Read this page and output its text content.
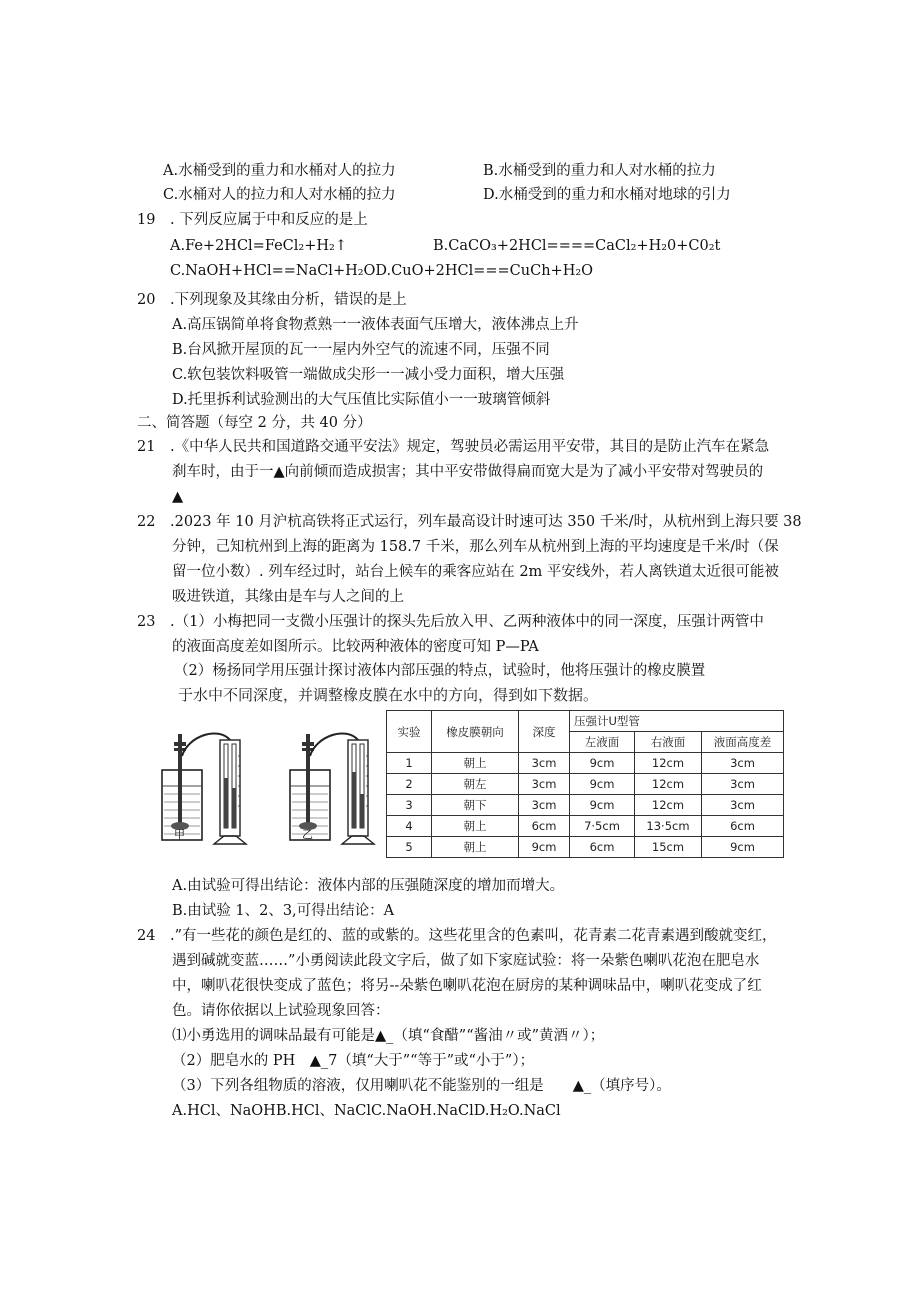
A.水桶受到的重力和水桶对人的拉力	B.水桶受到的重力和人对水桶的拉力
C.水桶对人的拉力和人对水桶的拉力	D.水桶受到的重力和水桶对地球的引力
19 . 下列反应属于中和反应的是上
A.Fe+2HCl=FeCl₂+H₂↑	B.CaCO₃+2HCl====CaCl₂+H₂0+C0₂t
C.NaOH+HCl==NaCl+H₂OD.CuO+2HCl===CuCh+H₂O
20 .下列现象及其缘由分析，错误的是上
A.高压锅简单将食物煮熟一一液体表面气压增大，液体沸点上升
B.台风掀开屋顶的瓦一一屋内外空气的流速不同，压强不同
C.软包装饮料吸管一端做成尖形一一减小受力面积，增大压强
D.托里拆利试验测出的大气压值比实际值小一一玻璃管倾斜
二、简答题（每空 2 分，共 40 分）
21 .《中华人民共和国道路交通平安法》规定，驾驶员必需运用平安带，其目的是防止汽车在紧急
刹车时，由于一▲向前倾而造成损害；其中平安带做得扁而宽大是为了减小平安带对驾驶员的
▲
22 .2023 年 10 月沪杭高铁将正式运行，列车最高设计时速可达 350 千米/时，从杭州到上海只要 38
分钟，己知杭州到上海的距离为 158.7 千米，那么列车从杭州到上海的平均速度是千米/时（保
留一位小数）. 列车经过时，站台上候车的乘客应站在 2m 平安线外，若人离铁道太近很可能被
吸进铁道，其缘由是车与人之间的上
23 .（1）小梅把同一支微小压强计的探头先后放入甲、乙两种液体中的同一深度，压强计两管中
的液面高度差如图所示。比较两种液体的密度可知 P—PA
（2）杨扬同学用压强计探讨液体内部压强的特点，试验时，他将压强计的橡皮膜置
于水中不同深度，并调整橡皮膜在水中的方向，得到如下数据。
甲	乙
实验	橡皮膜朝向	深度	压强计U型管		
			左液面	右液面	液面高度差
1	朝上	3cm	9cm	12cm	3cm
2	朝左	3cm	9cm	12cm	3cm
3	朝下	3cm	9cm	12cm	3cm
4	朝上	6cm	7·5cm	13·5cm	6cm
5	朝上	9cm	6cm	15cm	9cm
A.由试验可得出结论：液体内部的压强随深度的增加而增大。
B.由试验 1、2、3,可得出结论：A
24 .”有一些花的颜色是红的、蓝的或紫的。这些花里含的色素叫，花青素二花青素遇到酸就变红，
遇到碱就变蓝……”小勇阅读此段文字后，做了如下家庭试验：将一朵紫色喇叭花泡在肥皂水
中，喇叭花很快变成了蓝色；将另--朵紫色喇叭花泡在厨房的某种调味品中，喇叭花变成了红
色。请你依据以上试验现象回答：
⑴小勇选用的调味品最有可能是▲_（填“食醋”“酱油〃或”黄酒〃）；
（2）肥皂水的 PH　▲_7（填“大于”“等于”或“小于”）；
（3）下列各组物质的溶液，仅用喇叭花不能鉴别的一组是　　▲_（填序号）。
A.HCl、NaOHB.HCl、NaClC.NaOH.NaClD.H₂O.NaCl
